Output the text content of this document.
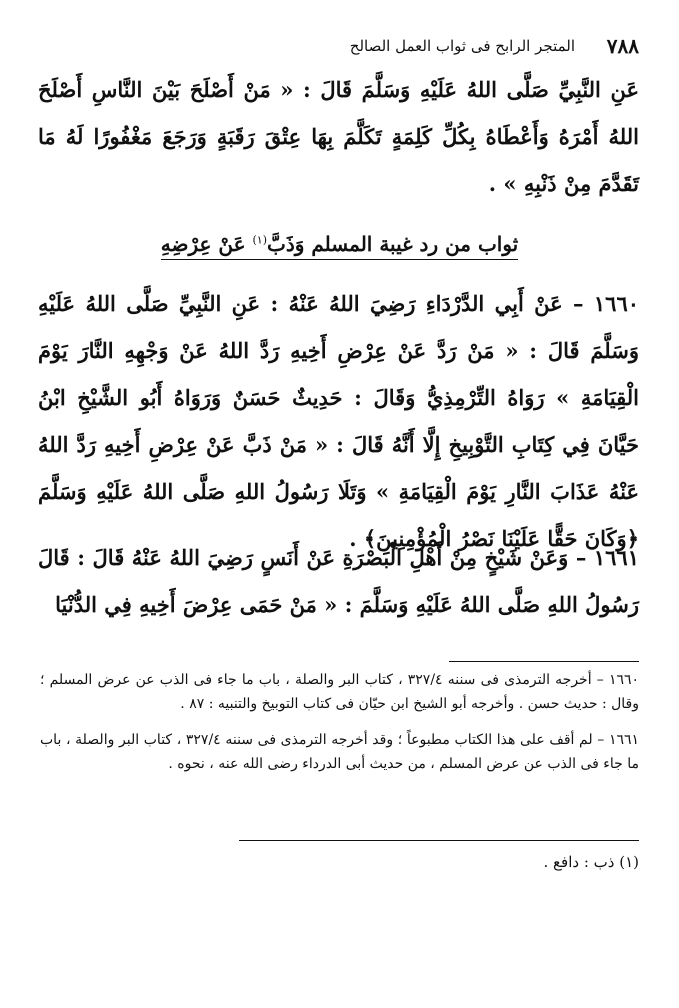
٧٨٨
المتجر الرابح فى ثواب العمل الصالح

عَنِ النَّبِيِّ صَلَّى اللهُ عَلَيْهِ وَسَلَّمَ قَالَ : « مَنْ أَصْلَحَ بَيْنَ النَّاسِ أَصْلَحَ اللهُ أَمْرَهُ وَأَعْطَاهُ بِكُلِّ كَلِمَةٍ تَكَلَّمَ بِهَا عِتْقَ رَقَبَةٍ وَرَجَعَ مَغْفُورًا لَهُ مَا تَقَدَّمَ مِنْ ذَنْبِهِ » .

ثواب من رد غيبة المسلم وَذَبَّ$^{(١)}$ عَنْ عِرْضِهِ

١٦٦٠ – عَنْ أَبِي الدَّرْدَاءِ رَضِيَ اللهُ عَنْهُ : عَنِ النَّبِيِّ صَلَّى اللهُ عَلَيْهِ وَسَلَّمَ قَالَ : « مَنْ رَدَّ عَنْ عِرْضِ أَخِيهِ رَدَّ اللهُ عَنْ وَجْهِهِ النَّارَ يَوْمَ الْقِيَامَةِ » رَوَاهُ التِّرْمِذِيُّ وَقَالَ : حَدِيثٌ حَسَنٌ وَرَوَاهُ أَبُو الشَّيْخِ ابْنُ حَيَّانَ فِي كِتَابِ التَّوْبِيخِ إِلَّا أَنَّهُ قَالَ : « مَنْ ذَبَّ عَنْ عِرْضِ أَخِيهِ رَدَّ اللهُ عَنْهُ عَذَابَ النَّارِ يَوْمَ الْقِيَامَةِ » وَتَلَا رَسُولُ اللهِ صَلَّى اللهُ عَلَيْهِ وَسَلَّمَ ﴿وَكَانَ حَقًّا عَلَيْنَا نَصْرُ الْمُؤْمِنِينَ﴾ .

١٦٦١ – وَعَنْ شَيْخٍ مِنْ أَهْلِ الْبَصْرَةِ عَنْ أَنَسٍ رَضِيَ اللهُ عَنْهُ قَالَ : قَالَ رَسُولُ اللهِ صَلَّى اللهُ عَلَيْهِ وَسَلَّمَ : « مَنْ حَمَى عِرْضَ أَخِيهِ فِي الدُّنْيَا

١٦٦٠ – أخرجه الترمذى فى سننه ٣٢٧/٤ ، كتاب البر والصلة ، باب ما جاء فى الذب عن عرض المسلم ؛ وقال : حديث حسن . وأخرجه أبو الشيخ ابن حيّان فى كتاب التوبيخ والتنبيه : ٨٧ .

١٦٦١ – لم أقف على هذا الكتاب مطبوعاً ؛ وقد أخرجه الترمذى فى سننه ٣٢٧/٤ ، كتاب البر والصلة ، باب ما جاء فى الذب عن عرض المسلم ، من حديث أبى الدرداء رضى الله عنه ، نحوه .

(١) ذب : دافع .
